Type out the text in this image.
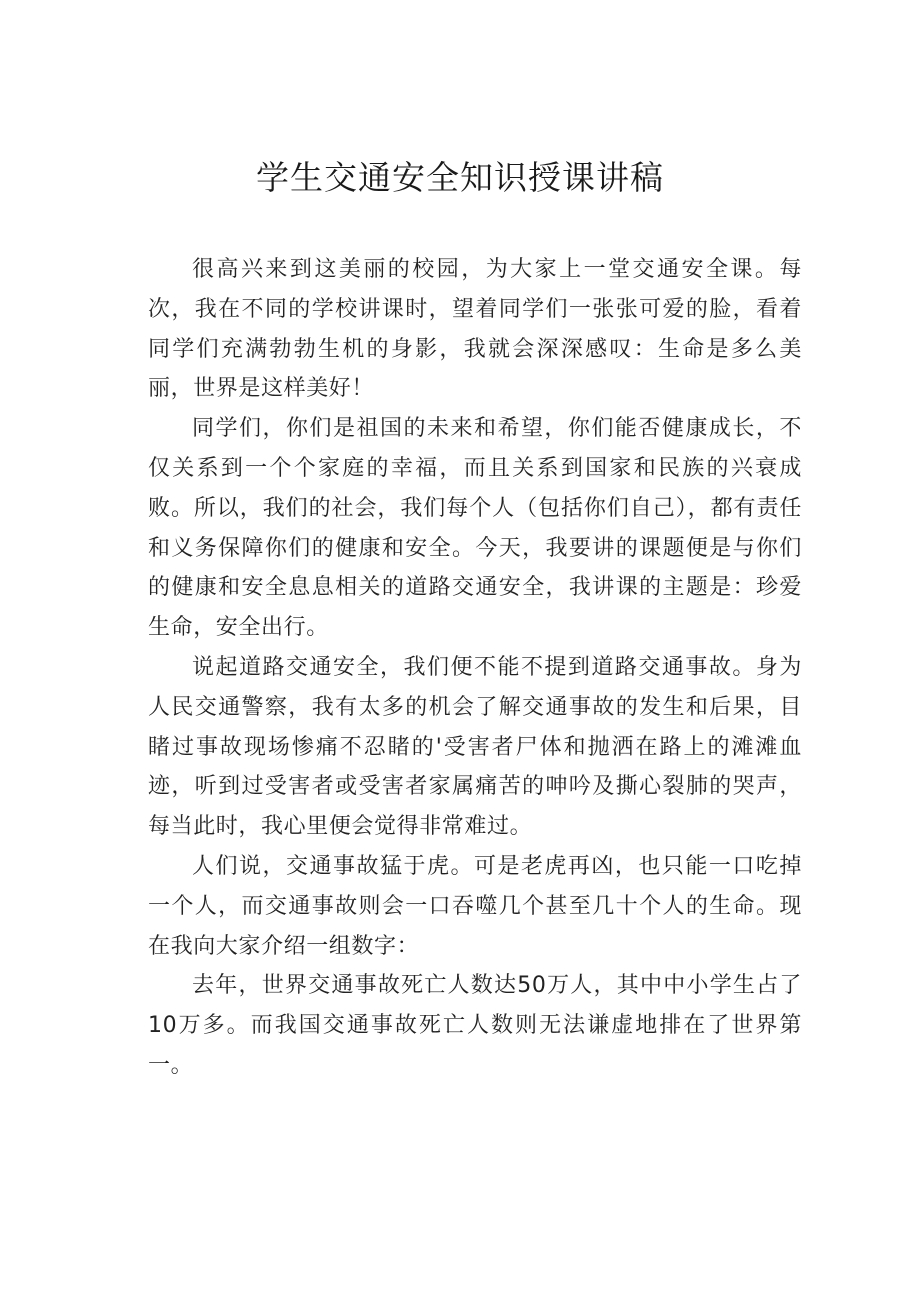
学生交通安全知识授课讲稿

很高兴来到这美丽的校园，为大家上一堂交通安全课。每次，我在不同的学校讲课时，望着同学们一张张可爱的脸，看着同学们充满勃勃生机的身影，我就会深深感叹：生命是多么美丽，世界是这样美好！

同学们，你们是祖国的未来和希望，你们能否健康成长，不仅关系到一个个家庭的幸福，而且关系到国家和民族的兴衰成败。所以，我们的社会，我们每个人（包括你们自己），都有责任和义务保障你们的健康和安全。今天，我要讲的课题便是与你们的健康和安全息息相关的道路交通安全，我讲课的主题是：珍爱生命，安全出行。

说起道路交通安全，我们便不能不提到道路交通事故。身为人民交通警察，我有太多的机会了解交通事故的发生和后果，目睹过事故现场惨痛不忍睹的'受害者尸体和抛洒在路上的滩滩血迹，听到过受害者或受害者家属痛苦的呻吟及撕心裂肺的哭声，每当此时，我心里便会觉得非常难过。

人们说，交通事故猛于虎。可是老虎再凶，也只能一口吃掉一个人，而交通事故则会一口吞噬几个甚至几十个人的生命。现在我向大家介绍一组数字：

去年，世界交通事故死亡人数达50万人，其中中小学生占了10万多。而我国交通事故死亡人数则无法谦虚地排在了世界第一。
